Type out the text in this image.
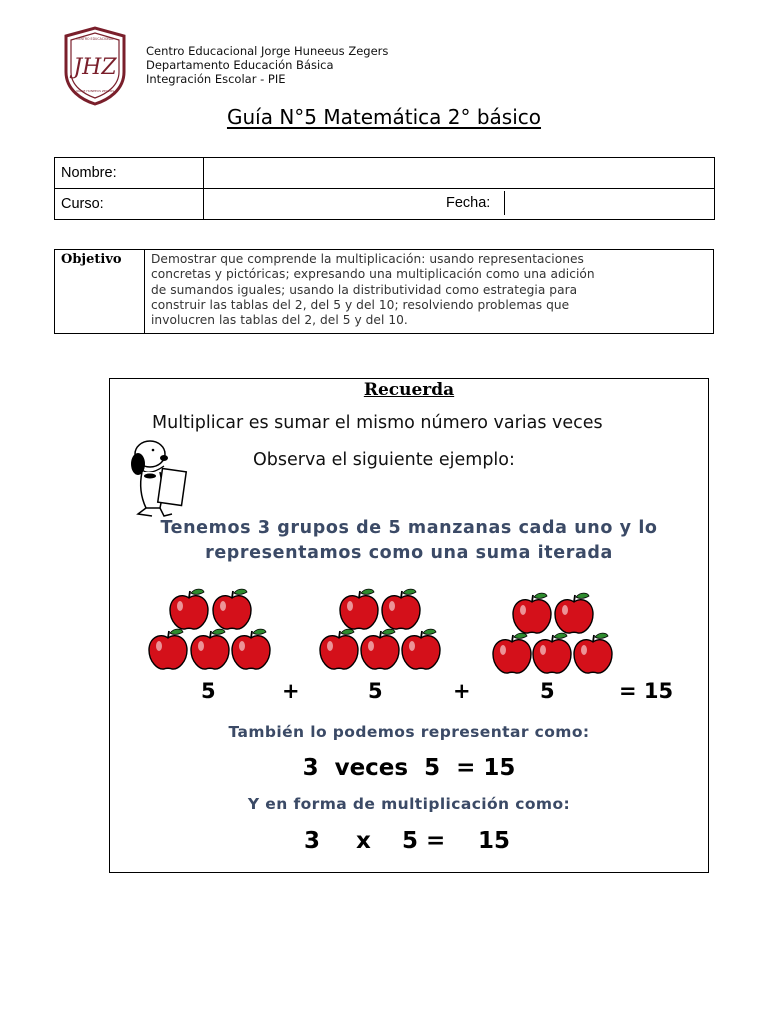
JHZ
CENTRO EDUCACIONAL
JORGE HUNEEUS ZEGERS
Centro Educacional Jorge Huneeus Zegers
Departamento Educación Básica
Integración Escolar - PIE
Guía N°5 Matemática 2° básico
Nombre:	
Curso:	Fecha:
Objetivo	Demostrar que comprende la multiplicación: usando representaciones
concretas y pictóricas; expresando una multiplicación como una adición
de sumandos iguales; usando la distributividad como estrategia para
construir las tablas del 2, del 5 y del 10; resolviendo problemas que
involucren las tablas del 2, del 5 y del 10.
Recuerda
Multiplicar es sumar el mismo número varias veces
Observa el siguiente ejemplo:
Tenemos 3 grupos de 5 manzanas cada uno y lo
representamos como una suma iterada
5	+	5	+	5	= 15
También lo podemos representar como:
3  veces  5  = 15
Y en forma de multiplicación como:
3 x 5 = 15
